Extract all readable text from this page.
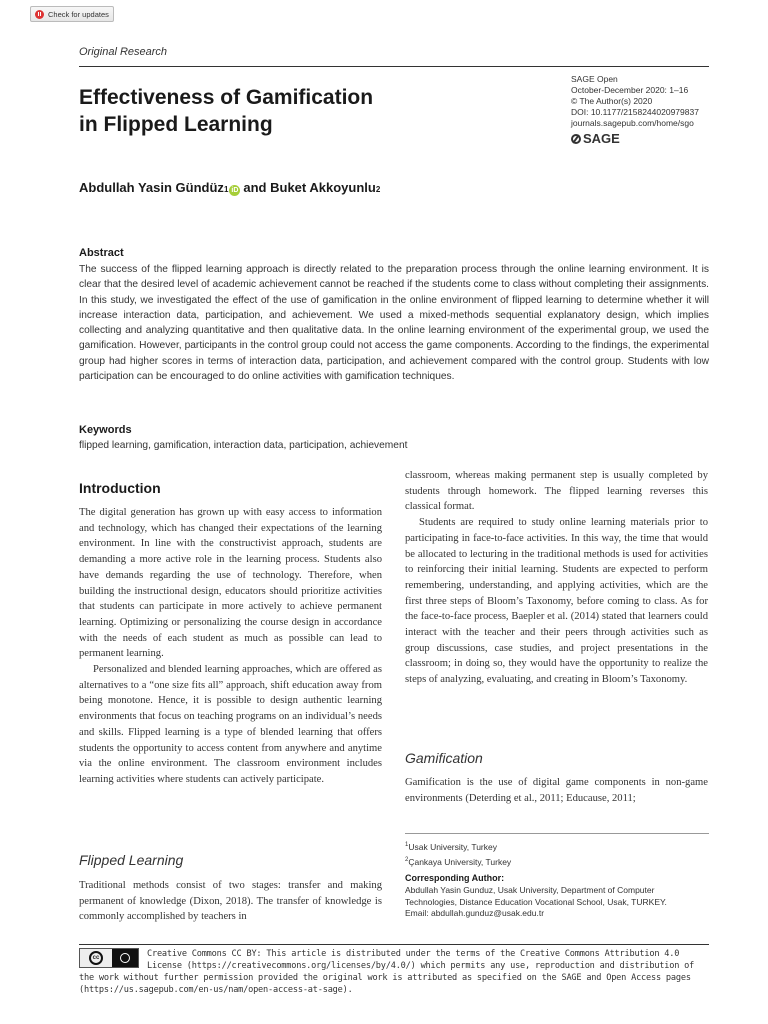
Check for updates
Original Research
Effectiveness of Gamification
in Flipped Learning
SAGE Open
October-December 2020: 1–16
© The Author(s) 2020
DOI: 10.1177/2158244020979837
journals.sagepub.com/home/sgo
SAGE
Abdullah Yasin Gündüz 1 iD and Buket Akkoyunlu 2
Abstract
The success of the flipped learning approach is directly related to the preparation process through the online learning environment. It is clear that the desired level of academic achievement cannot be reached if the students come to class without completing their assignments. In this study, we investigated the effect of the use of gamification in the online environment of flipped learning to determine whether it will increase interaction data, participation, and achievement. We used a mixed-methods sequential explanatory design, which implies collecting and analyzing quantitative and then qualitative data. In the online learning environment of the experimental group, we used the gamification. However, participants in the control group could not access the game components. According to the findings, the experimental group had higher scores in terms of interaction data, participation, and achievement compared with the control group. Students with low participation can be encouraged to do online activities with gamification techniques.
Keywords
flipped learning, gamification, interaction data, participation, achievement
Introduction

The digital generation has grown up with easy access to information and technology, which has changed their expectations of the learning environment. In line with the constructivist approach, students are demanding a more active role in the learning process. Students also have demands regarding the use of technology. Therefore, when building the instructional design, educators should prioritize activities that students can participate in more actively to achieve permanent learning. Optimizing or personalizing the course design in accordance with the needs of each student as much as possible can lead to permanent learning.

Personalized and blended learning approaches, which are offered as alternatives to a “one size fits all” approach, shift education away from being monotone. Hence, it is possible to design authentic learning environments that focus on teaching programs on an individual’s needs and skills. Flipped learning is a type of blended learning that offers students the opportunity to access content from anywhere and anytime via the online environment. The classroom environment includes learning activities where students can actively participate.

Flipped Learning

Traditional methods consist of two stages: transfer and making permanent of knowledge (Dixon, 2018). The transfer of knowledge is commonly accomplished by teachers in

classroom, whereas making permanent step is usually completed by students through homework. The flipped learning reverses this classical format.

Students are required to study online learning materials prior to participating in face-to-face activities. In this way, the time that would be allocated to lecturing in the traditional methods is used for activities to reinforcing their initial learning. Students are expected to perform remembering, understanding, and applying activities, which are the first three steps of Bloom’s Taxonomy, before coming to class. As for the face-to-face process, Baepler et al. (2014) stated that learners could interact with the teacher and their peers through activities such as group discussions, case studies, and project presentations in the classroom; in doing so, they would have the opportunity to realize the steps of analyzing, evaluating, and creating in Bloom’s Taxonomy.

Gamification

Gamification is the use of digital game components in non-game environments (Deterding et al., 2011; Educause, 2011;

$^1$Usak University, Turkey
$^2$Çankaya University, Turkey
Corresponding Author:
Abdullah Yasin Gunduz, Usak University, Department of Computer Technologies, Distance Education Vocational School, Usak, TURKEY.
Email: abdullah.gunduz@usak.edu.tr
cc	Creative Commons CC BY: This article is distributed under the terms of the Creative Commons Attribution 4.0 License (https://creativecommons.org/licenses/by/4.0/) which permits any use, reproduction and distribution of
the work without further permission provided the original work is attributed as specified on the SAGE and Open Access pages (https://us.sagepub.com/en-us/nam/open-access-at-sage).
